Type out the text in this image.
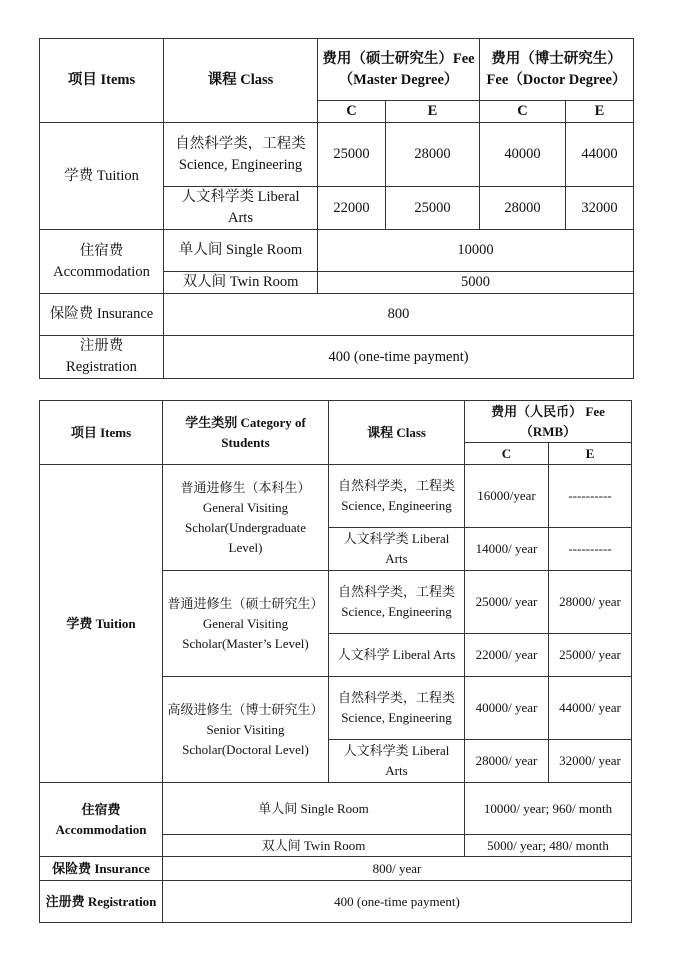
项目 Items	课程 Class	费用（硕士研究生）Fee（Master Degree）		费用（博士研究生） Fee（Doctor Degree）	
		C	E	C	E
学费 Tuition	自然科学类，工程类 Science, Engineering	25000	28000	40000	44000
	人文科学类 Liberal Arts	22000	25000	28000	32000
住宿费 Accommodation	单人间 Single Room	10000			
	双人间 Twin Room	5000			
保险费 Insurance	800				
注册费 Registration	400 (one-time payment)				
项目 Items	学生类别 Category of Students	课程 Class	费用（人民币） Fee （RMB）	
			C	E
学费 Tuition	普通进修生（本科生）General Visiting Scholar(Undergraduate Level)	自然科学类，工程类 Science, Engineering	16000/year	----------
		人文科学类 Liberal Arts	14000/ year	----------
	普通进修生（硕士研究生）General Visiting Scholar(Master’s Level)	自然科学类，工程类 Science, Engineering	25000/ year	28000/ year
		人文科学 Liberal Arts	22000/ year	25000/ year
	高级进修生（博士研究生）Senior Visiting Scholar(Doctoral Level)	自然科学类，工程类 Science, Engineering	40000/ year	44000/ year
		人文科学类 Liberal Arts	28000/ year	32000/ year
住宿费 Accommodation	单人间 Single Room		10000/ year; 960/ month	
	双人间 Twin Room		5000/ year; 480/ month	
保险费 Insurance	800/ year			
注册费 Registration	400 (one-time payment)			
